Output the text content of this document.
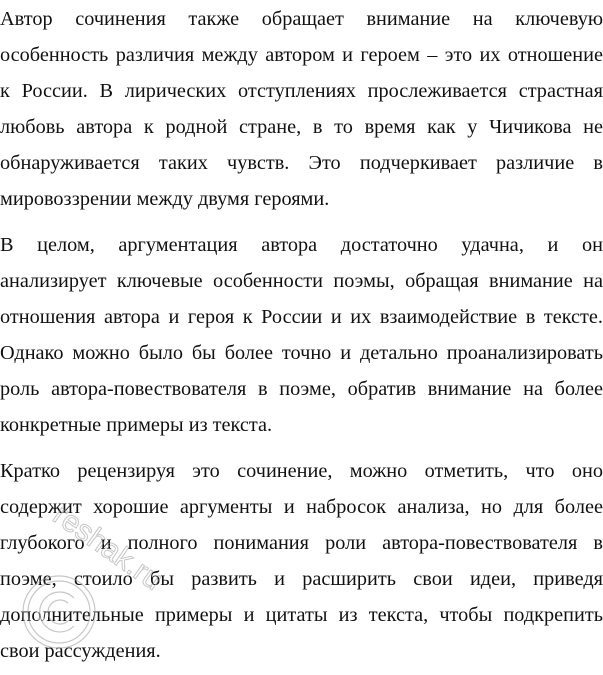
Автор сочинения также обращает внимание на ключевую
особенность различия между автором и героем – это их отношение
к России. В лирических отступлениях прослеживается страстная
любовь автора к родной стране, в то время как у Чичикова не
обнаруживается таких чувств. Это подчеркивает различие в
мировоззрении между двумя героями.
В целом, аргументация автора достаточно удачна, и он
анализирует ключевые особенности поэмы, обращая внимание на
отношения автора и героя к России и их взаимодействие в тексте.
Однако можно было бы более точно и детально проанализировать
роль автора-повествователя в поэме, обратив внимание на более
конкретные примеры из текста.
Кратко рецензируя это сочинение, можно отметить, что оно
содержит хорошие аргументы и набросок анализа, но для более
глубокого и полного понимания роли автора-повествователя в
поэме, стоило бы развить и расширить свои идеи, приведя
дополнительные примеры и цитаты из текста, чтобы подкрепить
свои рассуждения.
reshak.ru
